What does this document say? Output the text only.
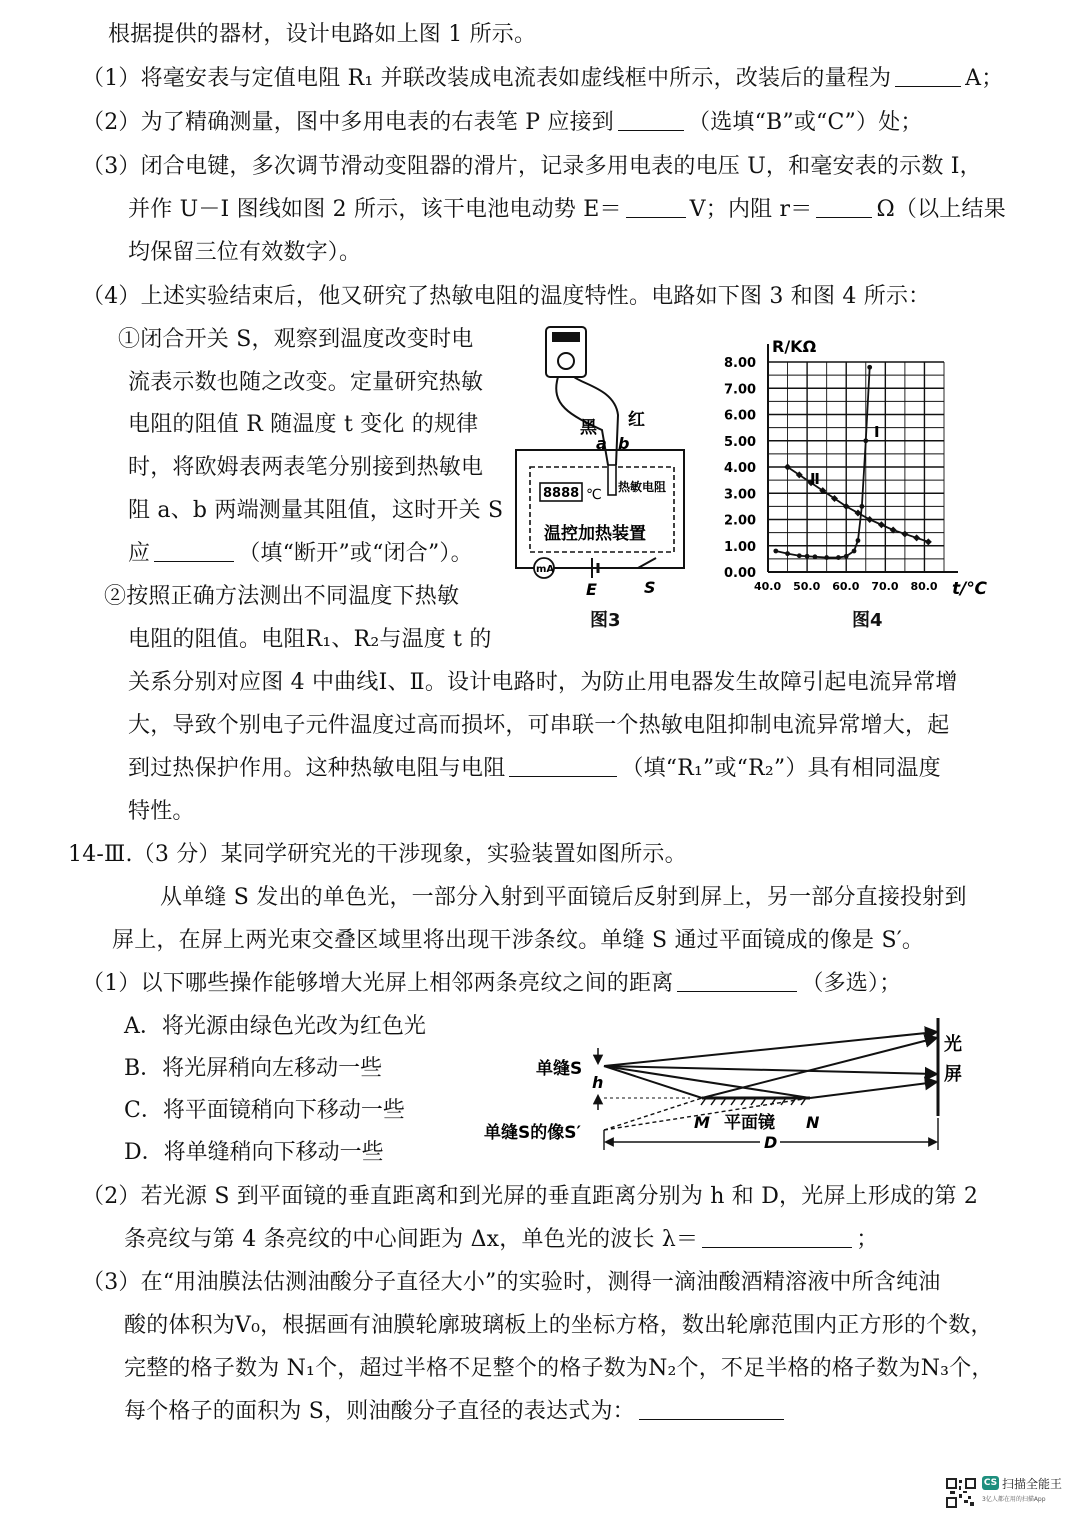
根据提供的器材，设计电路如上图 1 所示。
（1）将毫安表与定值电阻 R₁ 并联改装成电流表如虚线框中所示，改装后的量程为	A；
（2）为了精确测量，图中多用电表的右表笔 P 应接到	（选填“B”或“C”）处；
（3）闭合电键，多次调节滑动变阻器的滑片，记录多用电表的电压 U，和毫安表的示数 I，
并作 U－I 图线如图 2 所示，该干电池电动势 E＝	V；内阻 r＝	Ω（以上结果
均保留三位有效数字）。
（4）上述实验结束后，他又研究了热敏电阻的温度特性。电路如下图 3 和图 4 所示：
①闭合开关 S，观察到温度改变时电
流表示数也随之改变。定量研究热敏
电阻的阻值 R 随温度 t 变化 的规律
时，将欧姆表两表笔分别接到热敏电
阻 a、b 两端测量其阻值，这时开关 S
应	（填“断开”或“闭合”）。
②按照正确方法测出不同温度下热敏
电阻的阻值。电阻R₁、R₂与温度 t 的
关系分别对应图 4 中曲线Ⅰ、Ⅱ。设计电路时，为防止用电器发生故障引起电流异常增
大，导致个别电子元件温度过高而损坏，可串联一个热敏电阻抑制电流异常增大，起
到过热保护作用。这种热敏电阻与电阻	（填“R₁”或“R₂”）具有相同温度
特性。
14-Ⅲ.（3 分）某同学研究光的干涉现象，实验装置如图所示。
从单缝 S 发出的单色光，一部分入射到平面镜后反射到屏上，另一部分直接投射到
屏上，在屏上两光束交叠区域里将出现干涉条纹。单缝 S 通过平面镜成的像是 S′。
（1）以下哪些操作能够增大光屏上相邻两条亮纹之间的距离	（多选）；
A．将光源由绿色光改为红色光
B．将光屏稍向左移动一些
C．将平面镜稍向下移动一些
D．将单缝稍向下移动一些
（2）若光源 S 到平面镜的垂直距离和到光屏的垂直距离分别为 h 和 D，光屏上形成的第 2
条亮纹与第 4 条亮纹的中心间距为 Δx，单色光的波长 λ＝	；
（3）在“用油膜法估测油酸分子直径大小”的实验时，测得一滴油酸酒精溶液中所含纯油
酸的体积为V₀，根据画有油膜轮廓玻璃板上的坐标方格，数出轮廓范围内正方形的个数，
完整的格子数为 N₁个，超过半格不足整个的格子数为N₂个，不足半格的格子数为N₃个，
每个格子的面积为 S，则油酸分子直径的表达式为：
黑 红
a b
8888 ℃ 热敏电阻
温控加热装置
mA
E	S
图3
8.00
7.00
6.00
5.00
4.00
3.00
2.00
1.00
0.00
40.0 50.0 60.0 70.0 80.0
R/KΩ
t/℃
Ⅰ
Ⅱ
图4
单缝S
单缝S的像S′
h
M 平面镜 N
光
屏
D
CS 扫描全能王
3亿人都在用的扫描App
